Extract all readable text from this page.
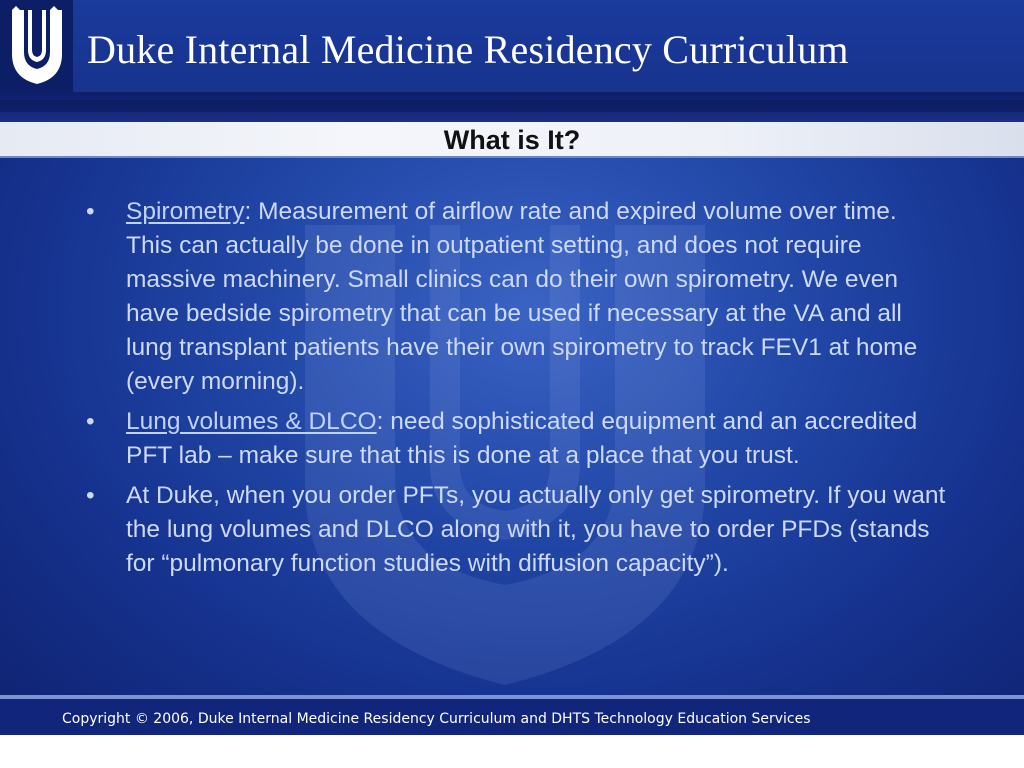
Duke Internal Medicine Residency Curriculum
What is It?
• Spirometry: Measurement of airflow rate and expired volume over time. This can actually be done in outpatient setting, and does not require massive machinery. Small clinics can do their own spirometry. We even have bedside spirometry that can be used if necessary at the VA and all lung transplant patients have their own spirometry to track FEV1 at home (every morning).
• Lung volumes & DLCO: need sophisticated equipment and an accredited PFT lab – make sure that this is done at a place that you trust.
• At Duke, when you order PFTs, you actually only get spirometry. If you want the lung volumes and DLCO along with it, you have to order PFDs (stands for “pulmonary function studies with diffusion capacity”).
Copyright © 2006, Duke Internal Medicine Residency Curriculum and DHTS Technology Education Services
